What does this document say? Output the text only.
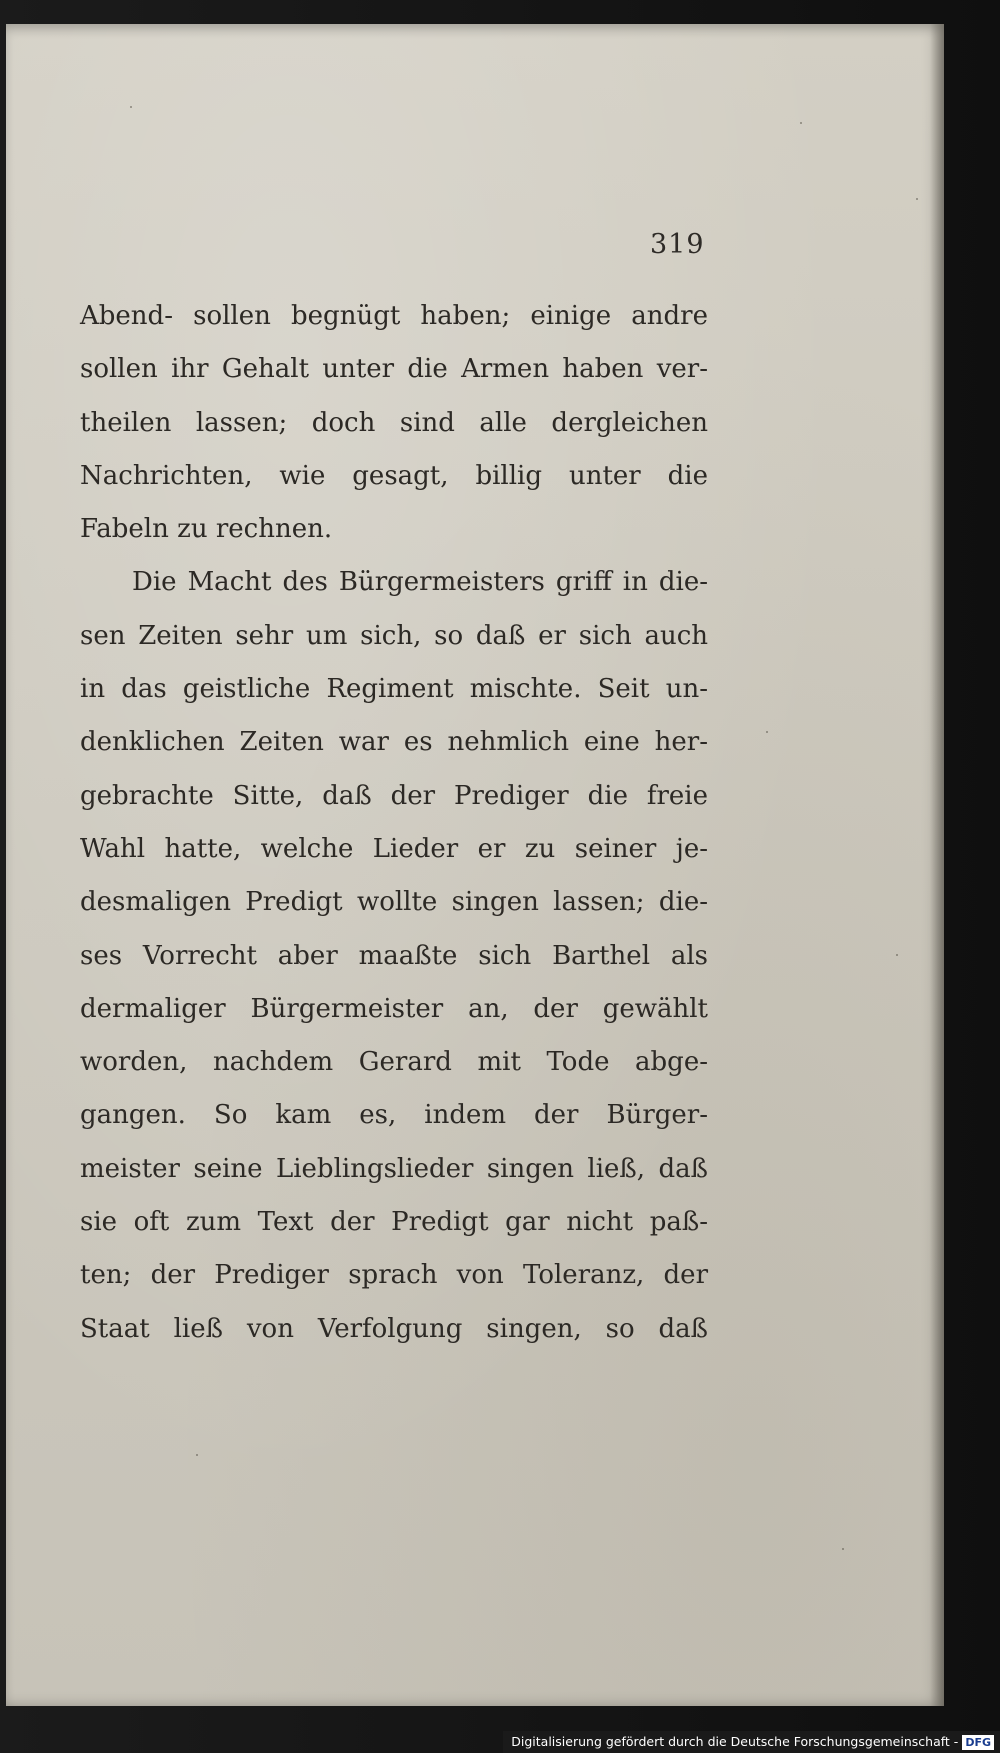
319
Abend- sollen begnügt haben; einige andre
sollen ihr Gehalt unter die Armen haben ver-
theilen lassen; doch sind alle dergleichen
Nachrichten, wie gesagt, billig unter die
Fabeln zu rechnen.
Die Macht des Bürgermeisters griff in die-
sen Zeiten sehr um sich, so daß er sich auch
in das geistliche Regiment mischte. Seit un-
denklichen Zeiten war es nehmlich eine her-
gebrachte Sitte, daß der Prediger die freie
Wahl hatte, welche Lieder er zu seiner je-
desmaligen Predigt wollte singen lassen; die-
ses Vorrecht aber maaßte sich Barthel als
dermaliger Bürgermeister an, der gewählt
worden, nachdem Gerard mit Tode abge-
gangen. So kam es, indem der Bürger-
meister seine Lieblingslieder singen ließ, daß
sie oft zum Text der Predigt gar nicht paß-
ten; der Prediger sprach von Toleranz, der
Staat ließ von Verfolgung singen, so daß
Digitalisierung gefördert durch die Deutsche Forschungsgemeinschaft - DFG
